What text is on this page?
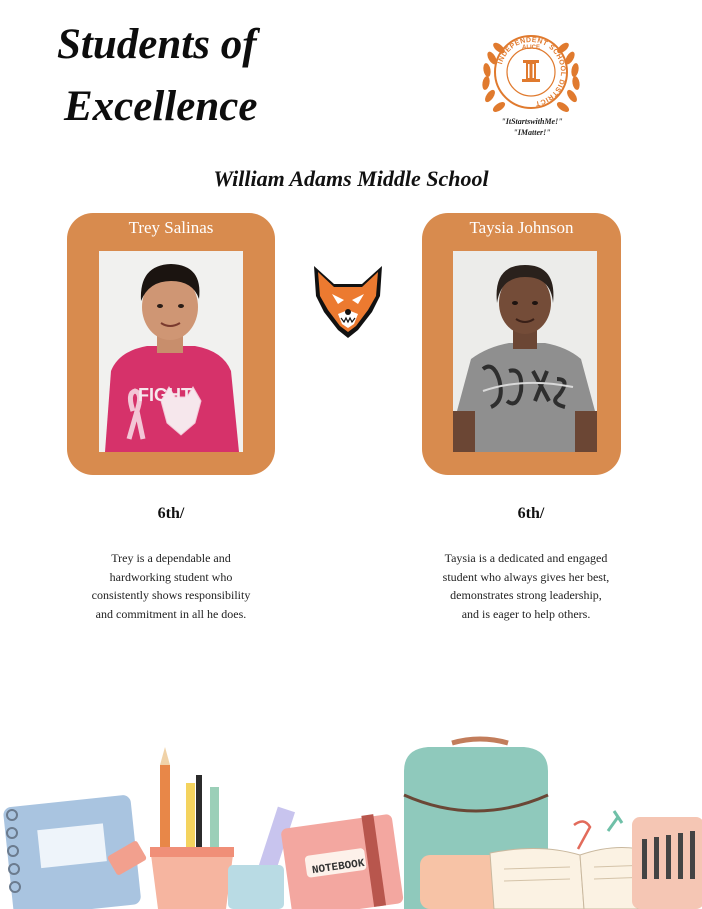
Students of
Excellence
INDEPENDENT SCHOOL DISTRICT
ALICE
"ItStartswithMe!"
"IMatter!"
William Adams Middle School
Trey Salinas
FIGHT
Taysia Johnson
6th/	6th/
Trey is a dependable and hardworking student who consistently shows responsibility and commitment in all he does.
Taysia is a dedicated and engaged student who always gives her best, demonstrates strong leadership, and is eager to help others.
NOTEBOOK
